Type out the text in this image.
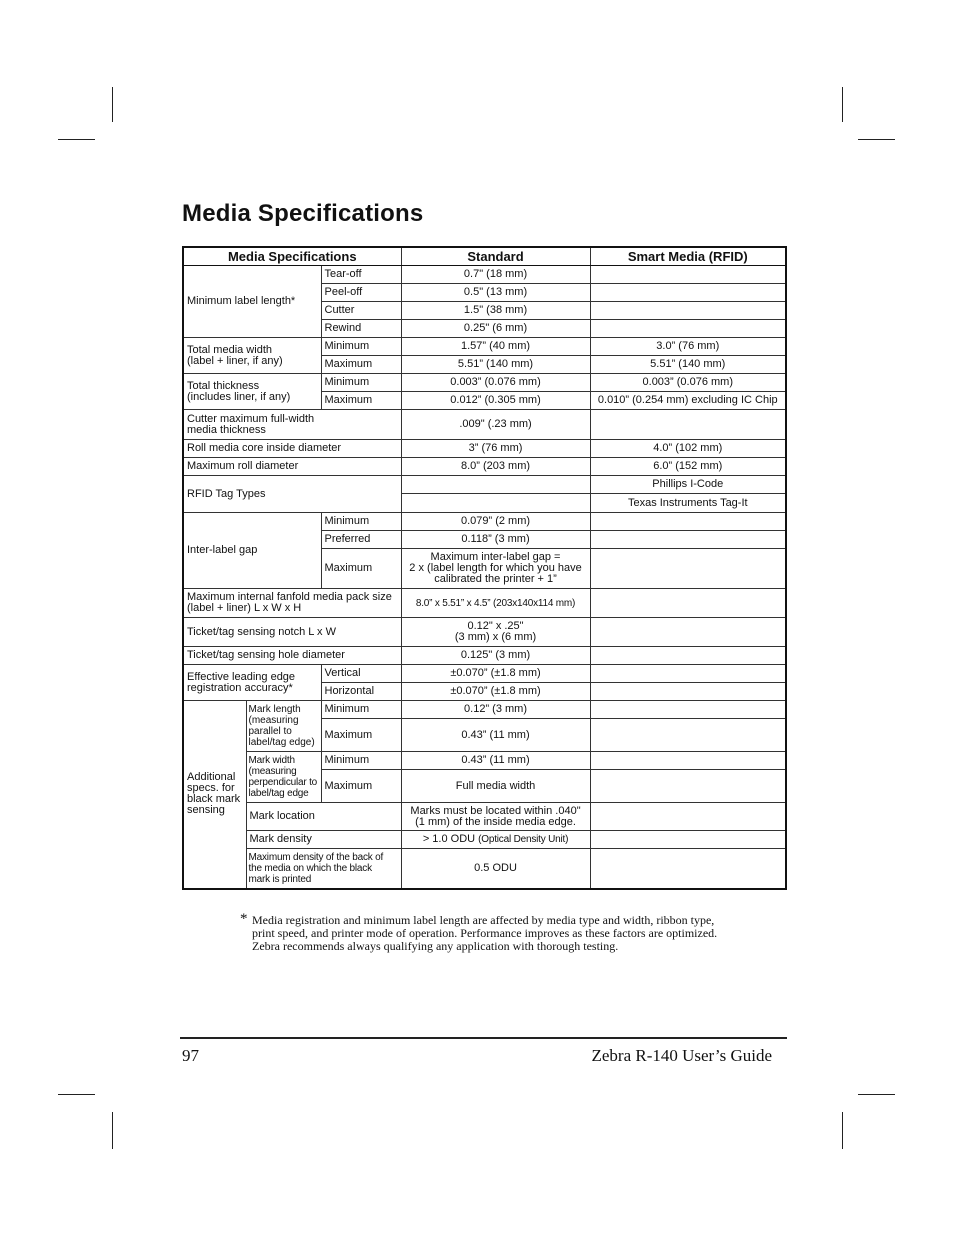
Media Specifications
Media Specifications			Standard	Smart Media (RFID)
Minimum label length*		Tear-off	0.7" (18 mm)	
		Peel-off	0.5" (13 mm)	
		Cutter	1.5" (38 mm)	
		Rewind	0.25" (6 mm)	
Total media width
(label + liner, if any)		Minimum	1.57” (40 mm)	3.0” (76 mm)
		Maximum	5.51” (140 mm)	5.51” (140 mm)
Total thickness
(includes liner, if any)		Minimum	0.003” (0.076 mm)	0.003” (0.076 mm)
		Maximum	0.012” (0.305 mm)	0.010” (0.254 mm) excluding IC Chip
Cutter maximum full-width
media thickness			.009" (.23 mm)	
Roll media core inside diameter			3” (76 mm)	4.0” (102 mm)
Maximum roll diameter			8.0” (203 mm)	6.0” (152 mm)
RFID Tag Types				Phillips I-Code
				Texas Instruments Tag-It
Inter-label gap		Minimum	0.079” (2 mm)	
		Preferred	0.118” (3 mm)	
		Maximum	Maximum inter-label gap =
2 x (label length for which you have
calibrated the printer + 1”	
Maximum internal fanfold media pack size
(label + liner) L x W x H			8.0” x 5.51” x 4.5” (203x140x114 mm)	
Ticket/tag sensing notch L x W			0.12" x .25"
(3 mm) x (6 mm)	
Ticket/tag sensing hole diameter			0.125" (3 mm)	
Effective leading edge
registration accuracy*		Vertical	±0.070” (±1.8 mm)	
		Horizontal	±0.070” (±1.8 mm)	
Additional
specs. for
black mark
sensing	Mark length
(measuring
parallel to
label/tag edge)	Minimum	0.12” (3 mm)	
		Maximum	0.43” (11 mm)	
	Mark width
(measuring
perpendicular to
label/tag edge	Minimum	0.43” (11 mm)	
		Maximum	Full media width	
	Mark location		Marks must be located within .040"
(1 mm) of the inside media edge.	
	Mark density		> 1.0 ODU (Optical Density Unit)	
	Maximum density of the back of
the media on which the black
mark is printed		0.5 ODU	
* Media registration and minimum label length are affected by media type and width, ribbon type,
print speed, and printer mode of operation. Performance improves as these factors are optimized.
Zebra recommends always qualifying any application with thorough testing.
97	Zebra R-140 User’s Guide
